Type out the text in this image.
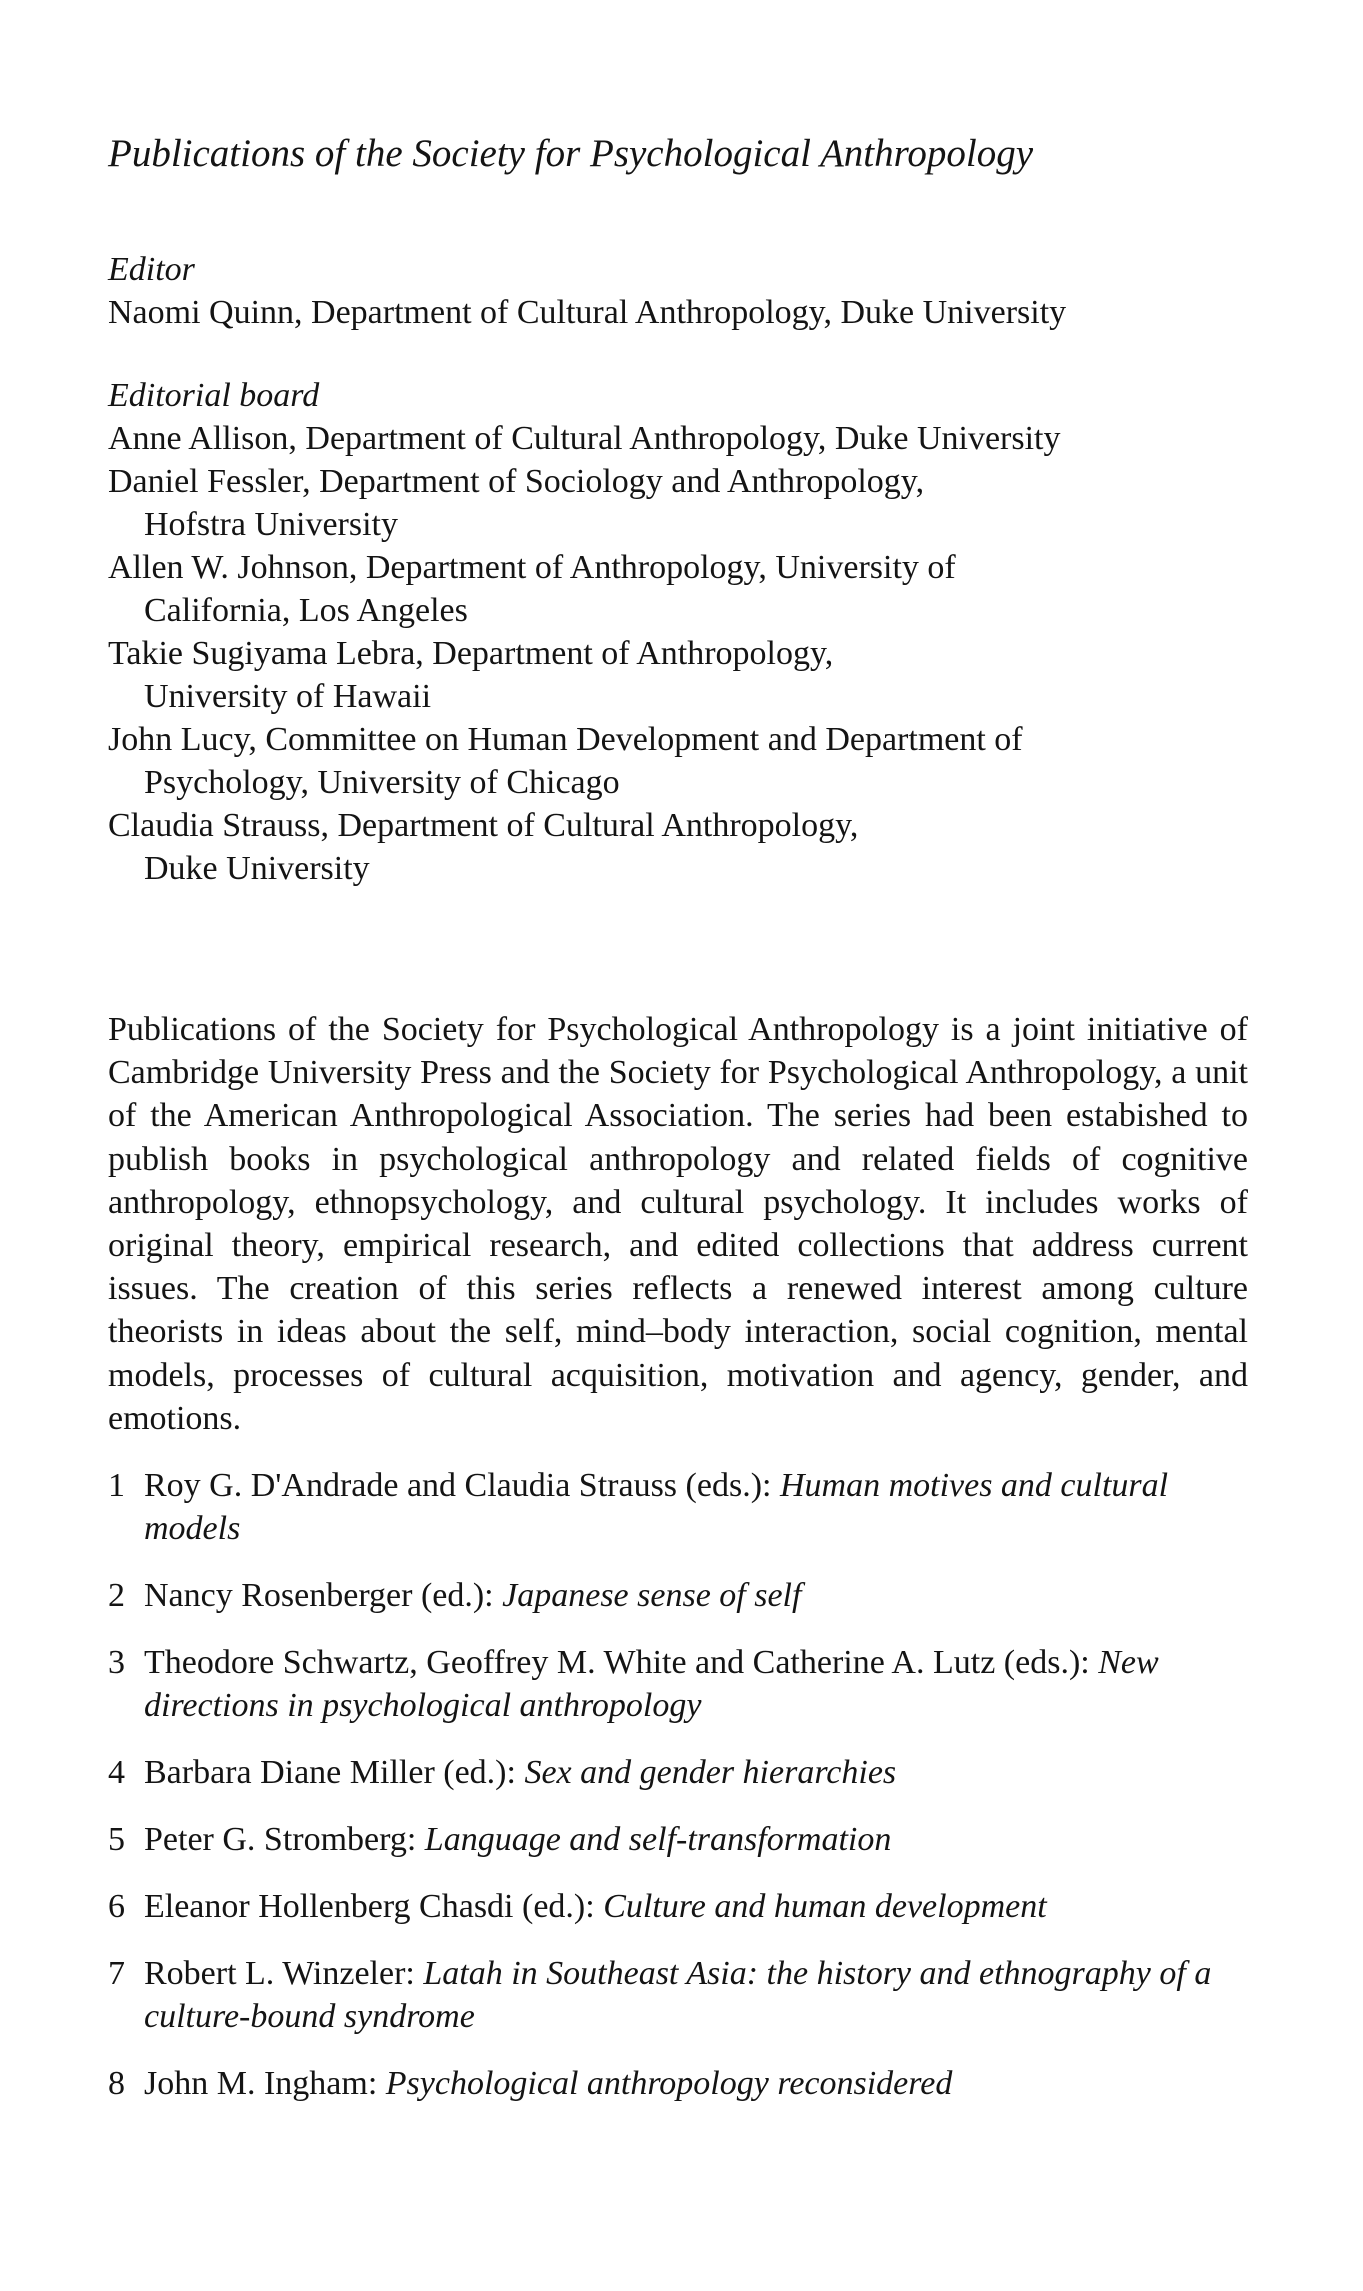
Publications of the Society for Psychological Anthropology
Editor
Naomi Quinn, Department of Cultural Anthropology, Duke University
Editorial board
Anne Allison, Department of Cultural Anthropology, Duke University
Daniel Fessler, Department of Sociology and Anthropology,
Hofstra University
Allen W. Johnson, Department of Anthropology, University of
California, Los Angeles
Takie Sugiyama Lebra, Department of Anthropology,
University of Hawaii
John Lucy, Committee on Human Development and Department of
Psychology, University of Chicago
Claudia Strauss, Department of Cultural Anthropology,
Duke University

Publications of the Society for Psychological Anthropology is a joint initiative of Cambridge University Press and the Society for Psychological Anthropology, a unit of the American Anthropological Association. The series had been estabished to publish books in psychological anthropology and related fields of cognitive anthropology, ethnopsychology, and cultural psychology. It includes works of original theory, empirical research, and edited collections that address current issues. The creation of this series reflects a renewed interest among culture theorists in ideas about the self, mind–body interaction, social cognition, mental models, processes of cultural acquisition, motivation and agency, gender, and emotions.

1 Roy G. D'Andrade and Claudia Strauss (eds.): Human motives and cultural models
2 Nancy Rosenberger (ed.): Japanese sense of self
3 Theodore Schwartz, Geoffrey M. White and Catherine A. Lutz (eds.): New directions in psychological anthropology
4 Barbara Diane Miller (ed.): Sex and gender hierarchies
5 Peter G. Stromberg: Language and self-transformation
6 Eleanor Hollenberg Chasdi (ed.): Culture and human development
7 Robert L. Winzeler: Latah in Southeast Asia: the history and ethnography of a culture-bound syndrome
8 John M. Ingham: Psychological anthropology reconsidered
